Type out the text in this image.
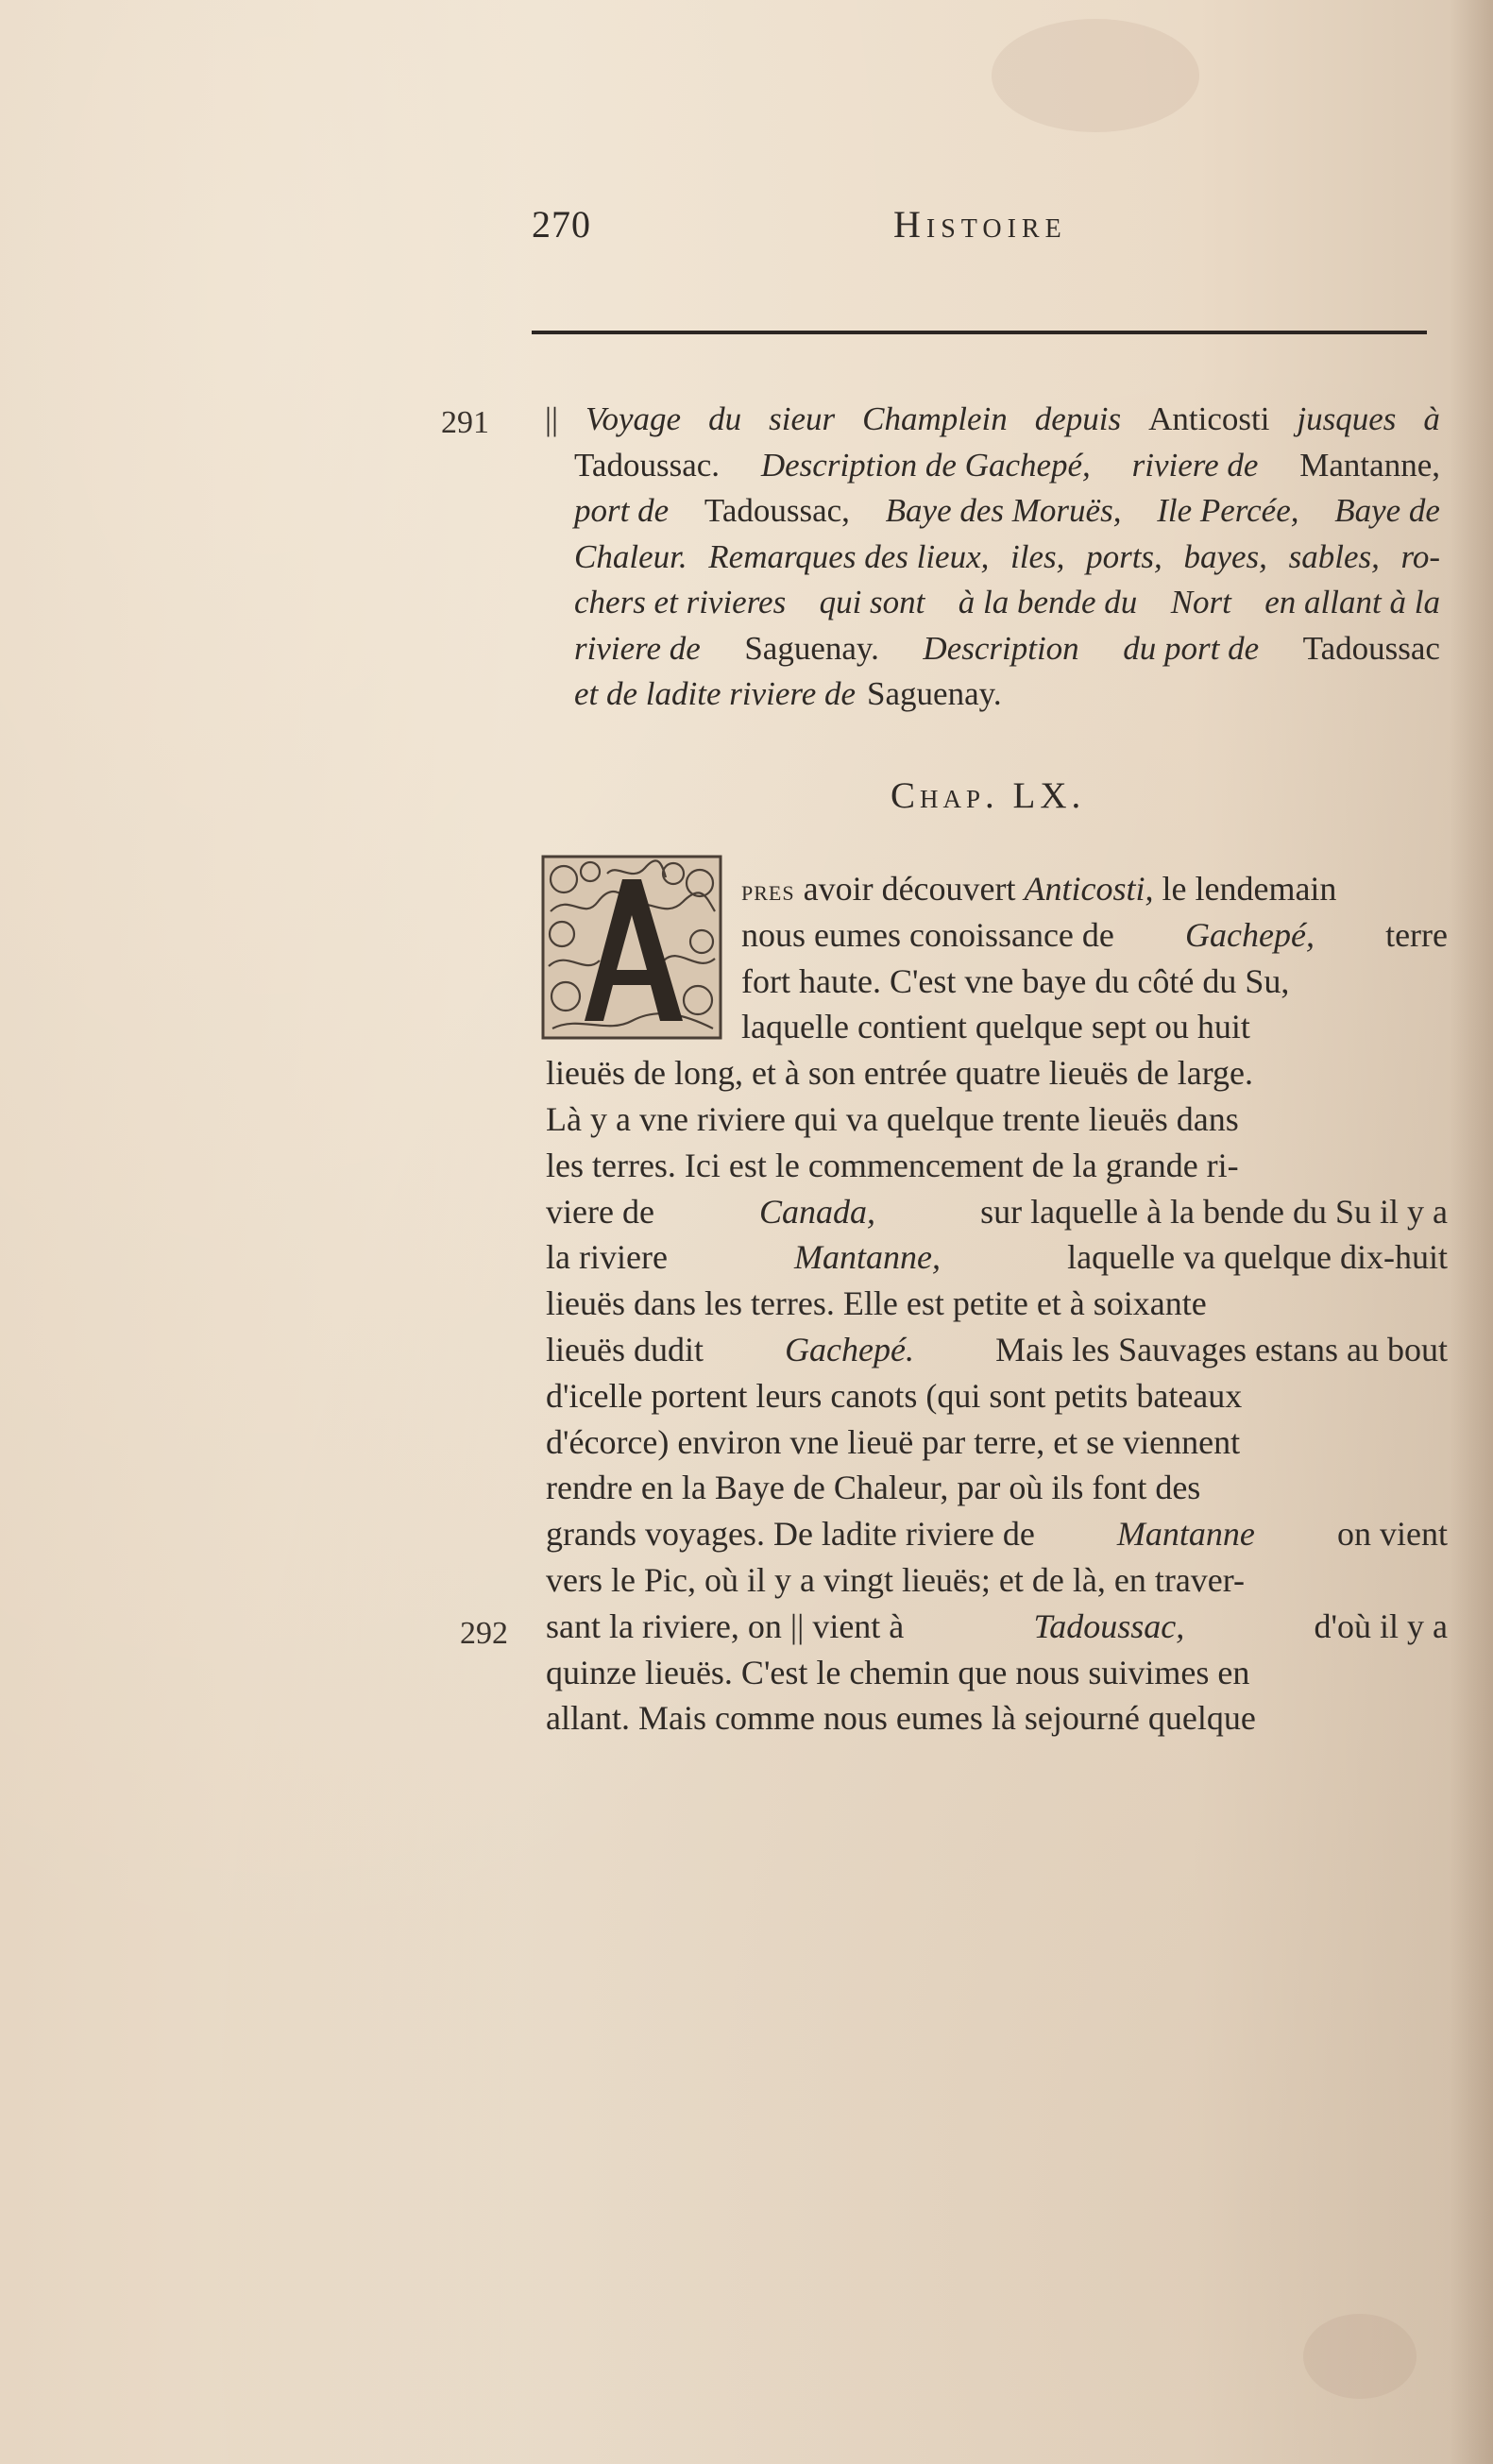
270	Histoire
291
292
|| Voyage du sieur Champlein depuis Anticosti jusques à
Tadoussac. Description de Gachepé, riviere de Mantanne,
port de Tadoussac, Baye des Moruës, Ile Percée, Baye de
Chaleur. Remarques des lieux, iles, ports, bayes, sables, ro-
chers et rivieres qui sont à la bende du Nort en allant à la
riviere de Saguenay. Description du port de Tadoussac
et de ladite riviere de Saguenay.
Chap. LX.
pres avoir découvert Anticosti, le lendemain
nous eumes conoissance de Gachepé, terre
fort haute. C'est vne baye du côté du Su,
laquelle contient quelque sept ou huit
lieuës de long, et à son entrée quatre lieuës de large.
Là y a vne riviere qui va quelque trente lieuës dans
les terres. Ici est le commencement de la grande ri-
viere de	Canada,	sur laquelle à la bende du Su il y a
la riviere	Mantanne,	laquelle va quelque dix-huit
lieuës dans les terres. Elle est petite et à soixante
lieuës dudit Gachepé. Mais les Sauvages estans au bout
d'icelle portent leurs canots (qui sont petits bateaux
d'écorce) environ vne lieuë par terre, et se viennent
rendre en la Baye de Chaleur, par où ils font des
grands voyages. De ladite riviere de Mantanne on vient
vers le Pic, où il y a vingt lieuës; et de là, en traver-
sant la riviere, on || vient à	Tadoussac,	d'où il y a
quinze lieuës. C'est le chemin que nous suivimes en
allant. Mais comme nous eumes là sejourné quelque
